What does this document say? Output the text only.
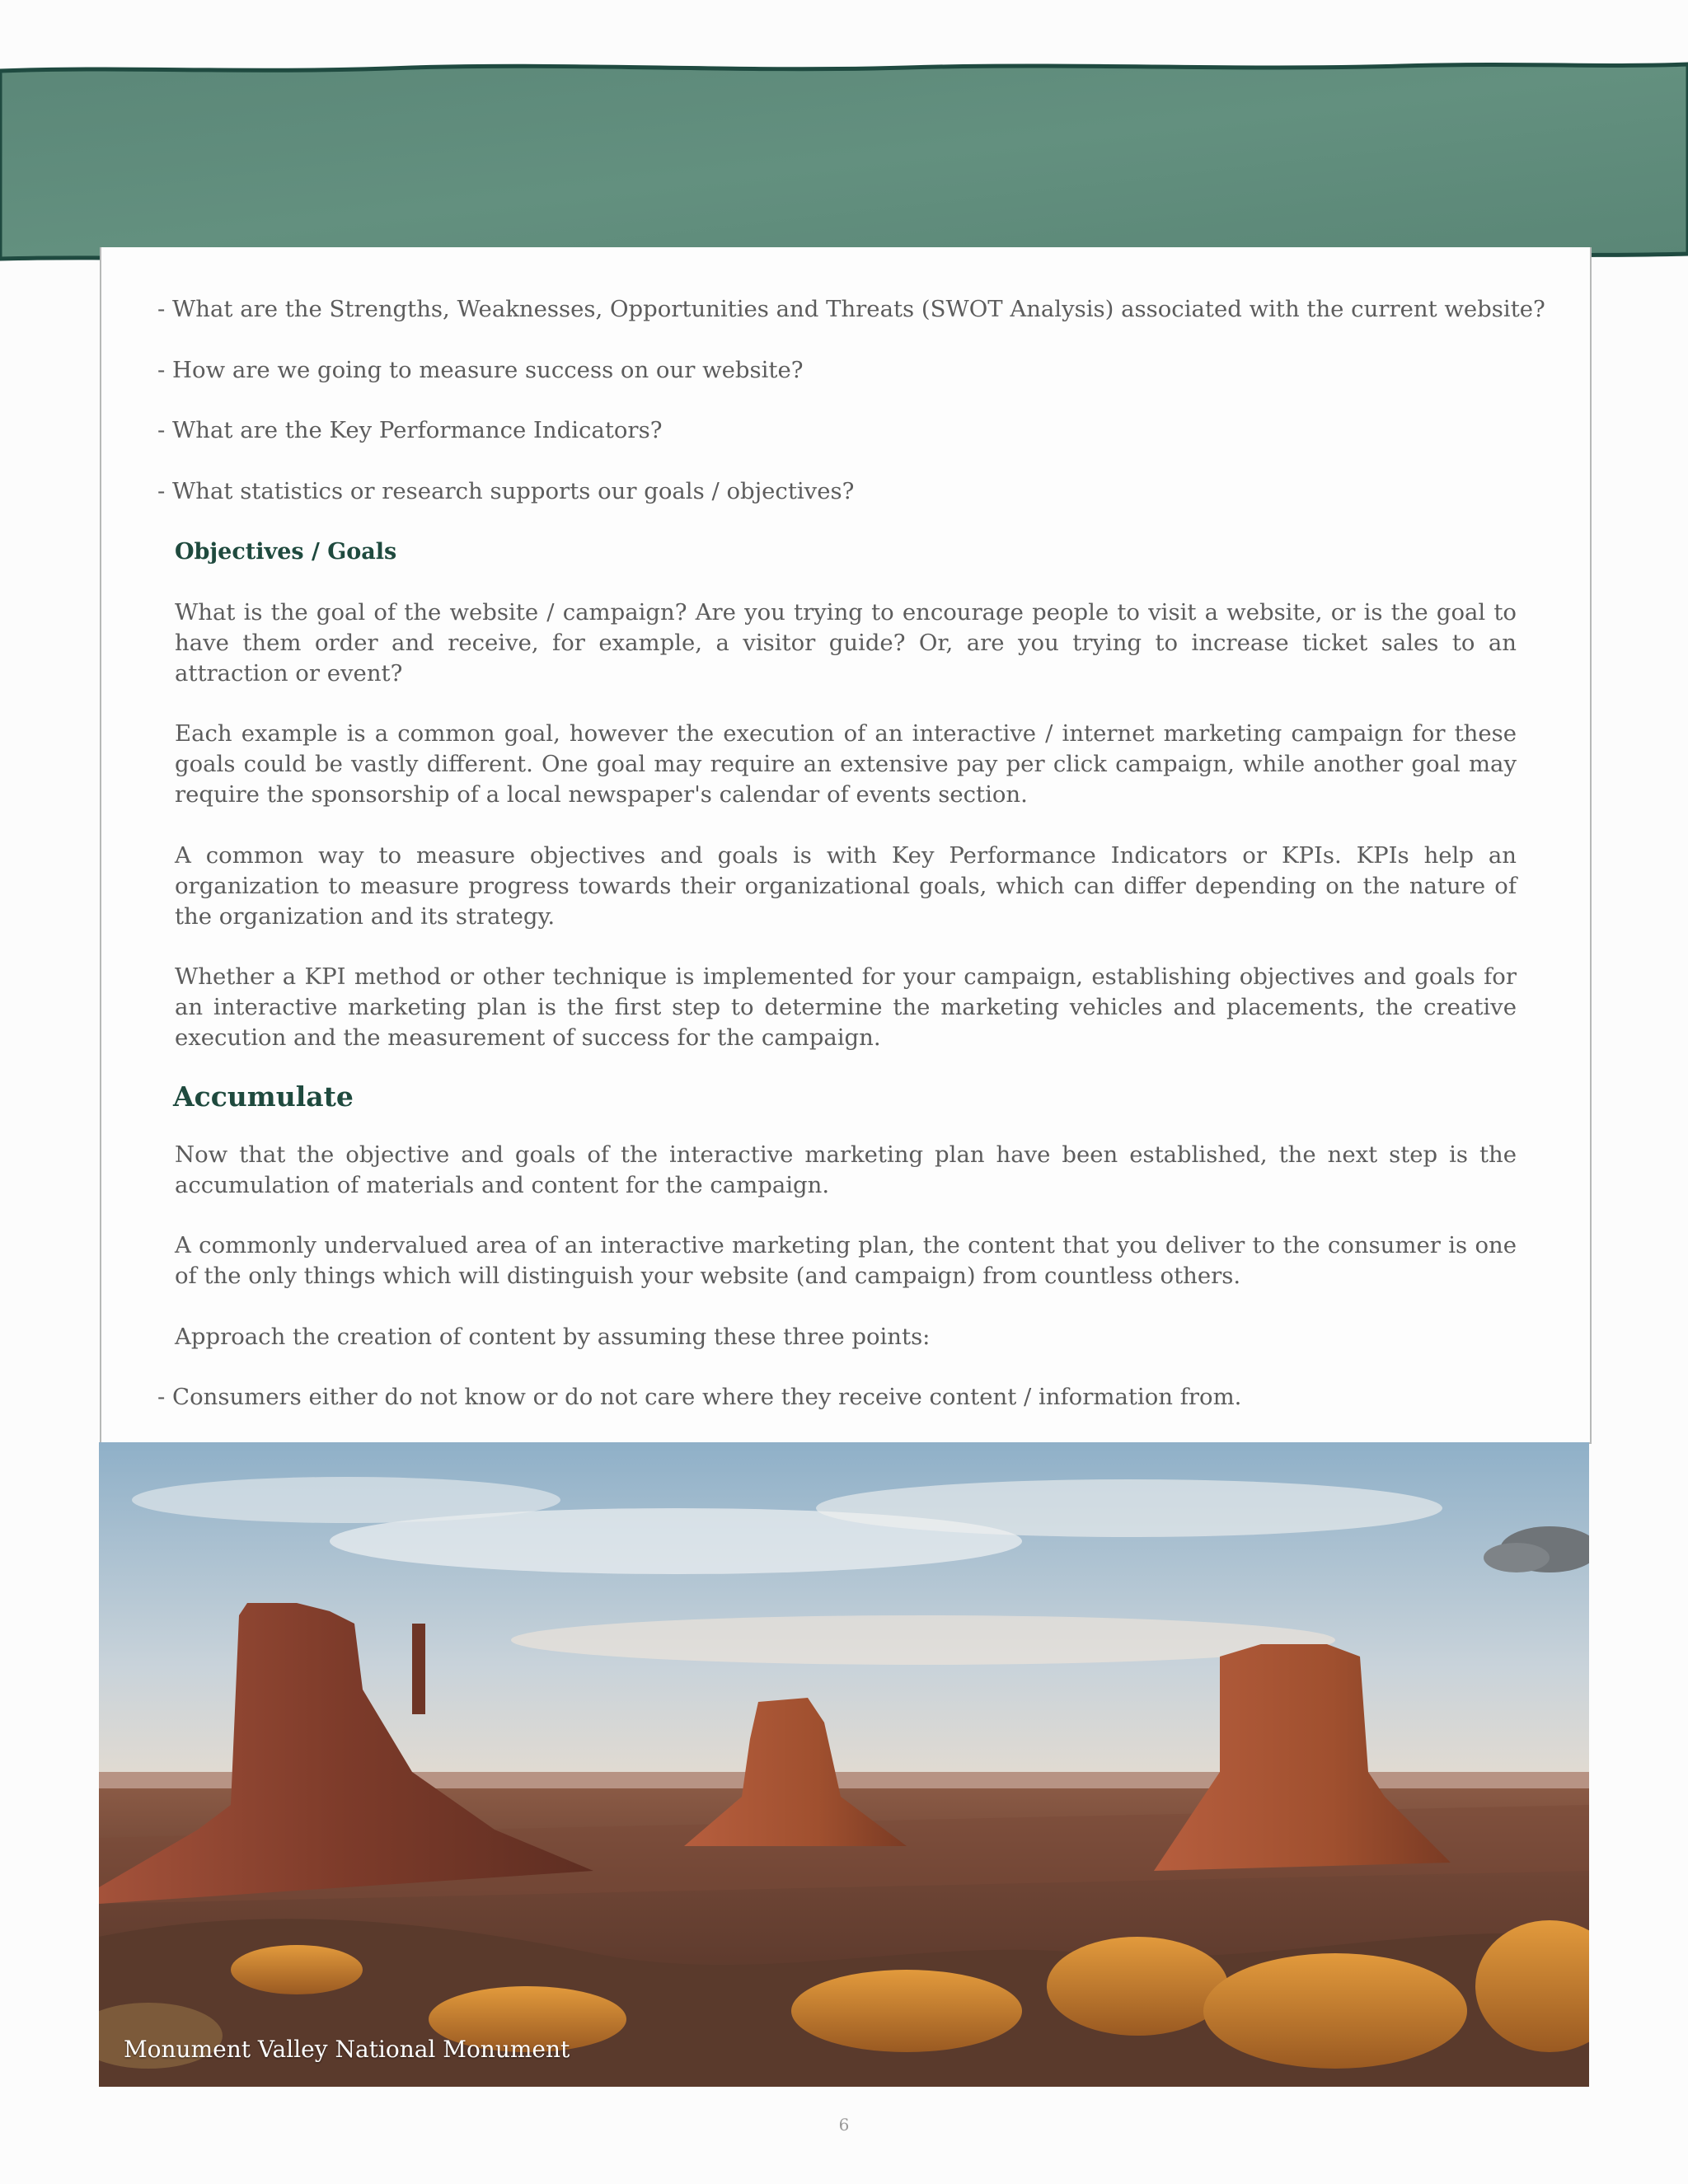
- What are the Strengths, Weaknesses, Opportunities and Threats (SWOT Analysis) associated with the current website?

- How are we going to measure success on our website?

- What are the Key Performance Indicators?

- What statistics or research supports our goals / objectives?

Objectives / Goals

What is the goal of the website / campaign? Are you trying to encourage people to visit a website, or is the goal to have them order and receive, for example, a visitor guide? Or, are you trying to increase ticket sales to an attraction or event?

Each example is a common goal, however the execution of an interactive / internet marketing campaign for these goals could be vastly different. One goal may require an extensive pay per click campaign, while another goal may require the sponsorship of a local newspaper's calendar of events section.

A common way to measure objectives and goals is with Key Performance Indicators or KPIs. KPIs help an organization to measure progress towards their organizational goals, which can differ depending on the nature of the organization and its strategy.

Whether a KPI method or other technique is implemented for your campaign, establishing objectives and goals for an interactive marketing plan is the first step to determine the marketing vehicles and placements, the creative execution and the measurement of success for the campaign.

Accumulate

Now that the objective and goals of the interactive marketing plan have been established, the next step is the accumulation of materials and content for the campaign.

A commonly undervalued area of an interactive marketing plan, the content that you deliver to the consumer is one of the only things which will distinguish your website (and campaign) from countless others.

Approach the creation of content by assuming these three points:

- Consumers either do not know or do not care where they receive content / information from.

Monument Valley National Monument
6
